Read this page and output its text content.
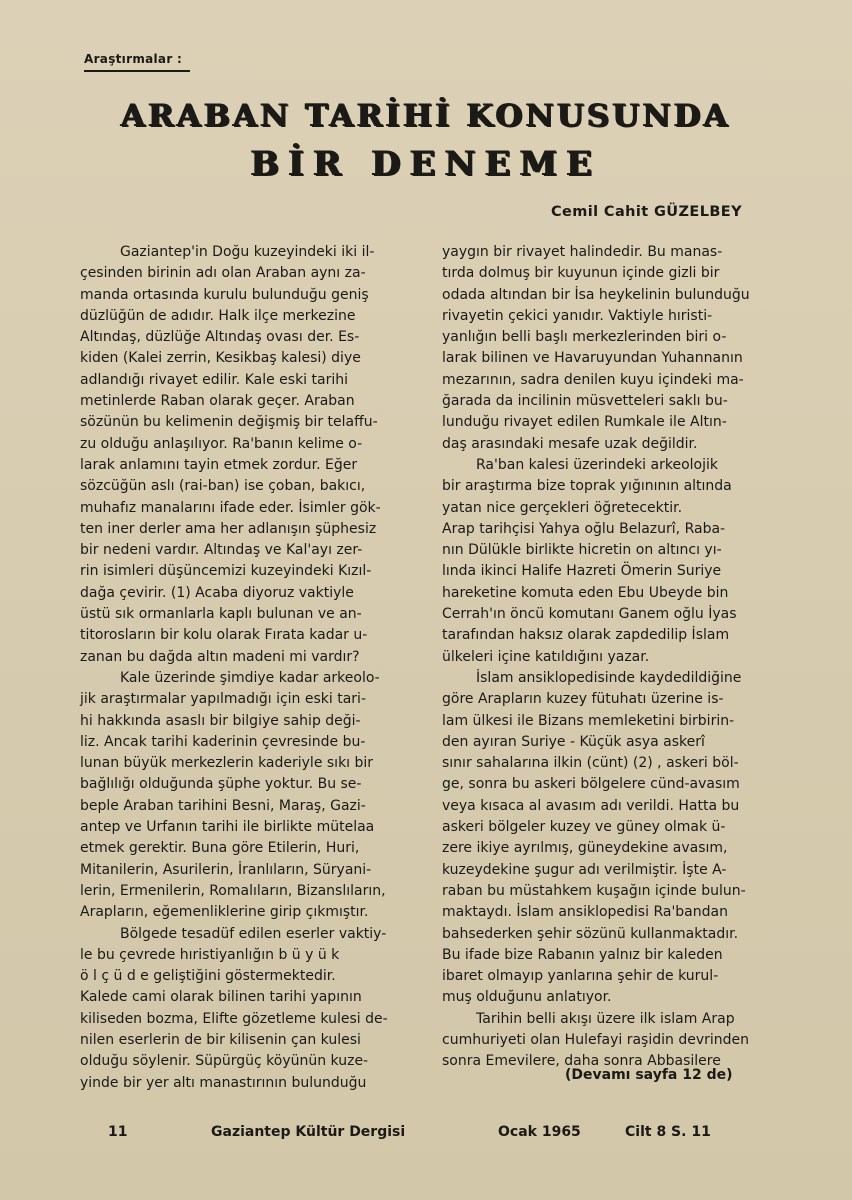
Araştırmalar :
ARABAN TARİHİ KONUSUNDA
BİR DENEME
Cemil Cahit GÜZELBEY

Gaziantep'in Doğu kuzeyindeki iki il-
çesinden birinin adı olan Araban aynı za-
manda ortasında kurulu bulunduğu geniş
düzlüğün de adıdır. Halk ilçe merkezine
Altındaş, düzlüğe Altındaş ovası der. Es-
kiden (Kalei zerrin, Kesikbaş kalesi) diye
adlandığı rivayet edilir. Kale eski tarihi
metinlerde Raban olarak geçer. Araban
sözünün bu kelimenin değişmiş bir telaffu-
zu olduğu anlaşılıyor. Ra'banın kelime o-
larak anlamını tayin etmek zordur. Eğer
sözcüğün aslı (rai-ban) ise çoban, bakıcı,
muhafız manalarını ifade eder. İsimler gök-
ten iner derler ama her adlanışın şüphesiz
bir nedeni vardır. Altındaş ve Kal'ayı zer-
rin isimleri düşüncemizi kuzeyindeki Kızıl-
dağa çevirir. (1) Acaba diyoruz vaktiyle
üstü sık ormanlarla kaplı bulunan ve an-
titorosların bir kolu olarak Fırata kadar u-
zanan bu dağda altın madeni mi vardır?

Kale üzerinde şimdiye kadar arkeolo-
jik araştırmalar yapılmadığı için eski tari-
hi hakkında asaslı bir bilgiye sahip deği-
liz. Ancak tarihi kaderinin çevresinde bu-
lunan büyük merkezlerin kaderiyle sıkı bir
bağlılığı olduğunda şüphe yoktur. Bu se-
beple Araban tarihini Besni, Maraş, Gazi-
antep ve Urfanın tarihi ile birlikte mütelaa
etmek gerektir. Buna göre Etilerin, Huri,
Mitanilerin, Asurilerin, İranlıların, Süryani-
lerin, Ermenilerin, Romalıların, Bizanslıların,
Arapların, eğemenliklerine girip çıkmıştır.

Bölgede tesadüf edilen eserler vaktiy-
le bu çevrede hıristiyanlığın b ü y ü k
ö l ç ü d e geliştiğini göstermektedir.
Kalede cami olarak bilinen tarihi yapının
kiliseden bozma, Elifte gözetleme kulesi de-
nilen eserlerin de bir kilisenin çan kulesi
olduğu söylenir. Süpürgüç köyünün kuze-
yinde bir yer altı manastırının bulunduğu

yaygın bir rivayet halindedir. Bu manas-
tırda dolmuş bir kuyunun içinde gizli bir
odada altından bir İsa heykelinin bulunduğu
rivayetin çekici yanıdır. Vaktiyle hıristi-
yanlığın belli başlı merkezlerinden biri o-
larak bilinen ve Havaruyundan Yuhannanın
mezarının, sadra denilen kuyu içindeki ma-
ğarada da incilinin müsvetteleri saklı bu-
lunduğu rivayet edilen Rumkale ile Altın-
daş arasındaki mesafe uzak değildir.

Ra'ban kalesi üzerindeki arkeolojik
bir araştırma bize toprak yığınının altında
yatan nice gerçekleri öğretecektir.
Arap tarihçisi Yahya oğlu Belazurî, Raba-
nın Dülükle birlikte hicretin on altıncı yı-
lında ikinci Halife Hazreti Ömerin Suriye
hareketine komuta eden Ebu Ubeyde bin
Cerrah'ın öncü komutanı Ganem oğlu İyas
tarafından haksız olarak zapdedilip İslam
ülkeleri içine katıldığını yazar.

İslam ansiklopedisinde kaydedildiğine
göre Arapların kuzey fütuhatı üzerine is-
lam ülkesi ile Bizans memleketini birbirin-
den ayıran Suriye - Küçük asya askerî
sınır sahalarına ilkin (cünt) (2) , askeri böl-
ge, sonra bu askeri bölgelere cünd-avasım
veya kısaca al avasım adı verildi. Hatta bu
askeri bölgeler kuzey ve güney olmak ü-
zere ikiye ayrılmış, güneydekine avasım,
kuzeydekine şugur adı verilmiştir. İşte A-
raban bu müstahkem kuşağın içinde bulun-
maktaydı. İslam ansiklopedisi Ra'bandan
bahsederken şehir sözünü kullanmaktadır.
Bu ifade bize Rabanın yalnız bir kaleden
ibaret olmayıp yanlarına şehir de kurul-
muş olduğunu anlatıyor.

Tarihin belli akışı üzere ilk islam Arap
cumhuriyeti olan Hulefayi raşidin devrinden
sonra Emevilere, daha sonra Abbasilere

(Devamı sayfa 12 de)
11	Gaziantep Kültür Dergisi	Ocak 1965	Cilt 8 S. 11
